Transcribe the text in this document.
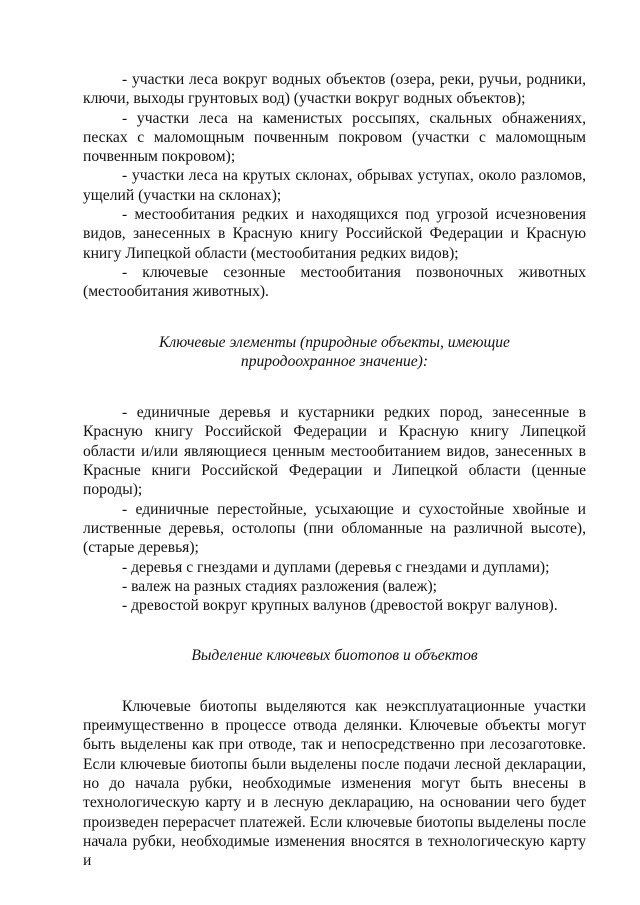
- участки леса вокруг водных объектов (озера, реки, ручьи, родники, ключи, выходы грунтовых вод) (участки вокруг водных объектов);

- участки леса на каменистых россыпях, скальных обнажениях, песках с маломощным почвенным покровом (участки с маломощным почвенным покровом);

- участки леса на крутых склонах, обрывах уступах, около разломов, ущелий (участки на склонах);

- местообитания редких и находящихся под угрозой исчезновения видов, занесенных в Красную книгу Российской Федерации и Красную книгу Липецкой области (местообитания редких видов);

- ключевые сезонные местообитания позвоночных животных (местообитания животных).

Ключевые элементы (природные объекты, имеющие природоохранное значение):

- единичные деревья и кустарники редких пород, занесенные в Красную книгу Российской Федерации и Красную книгу Липецкой области и/или являющиеся ценным местообитанием видов, занесенных в Красные книги Российской Федерации и Липецкой области (ценные породы);

- единичные перестойные, усыхающие и сухостойные хвойные и лиственные деревья, остолопы (пни обломанные на различной высоте), (старые деревья);

- деревья с гнездами и дуплами (деревья с гнездами и дуплами);

- валеж на разных стадиях разложения (валеж);

- древостой вокруг крупных валунов (древостой вокруг валунов).

Выделение ключевых биотопов и объектов

Ключевые биотопы выделяются как неэксплуатационные участки преимущественно в процессе отвода делянки. Ключевые объекты могут быть выделены как при отводе, так и непосредственно при лесозаготовке. Если ключевые биотопы были выделены после подачи лесной декларации, но до начала рубки, необходимые изменения могут быть внесены в технологическую карту и в лесную декларацию, на основании чего будет произведен перерасчет платежей. Если ключевые биотопы выделены после начала рубки, необходимые изменения вносятся в технологическую карту и
